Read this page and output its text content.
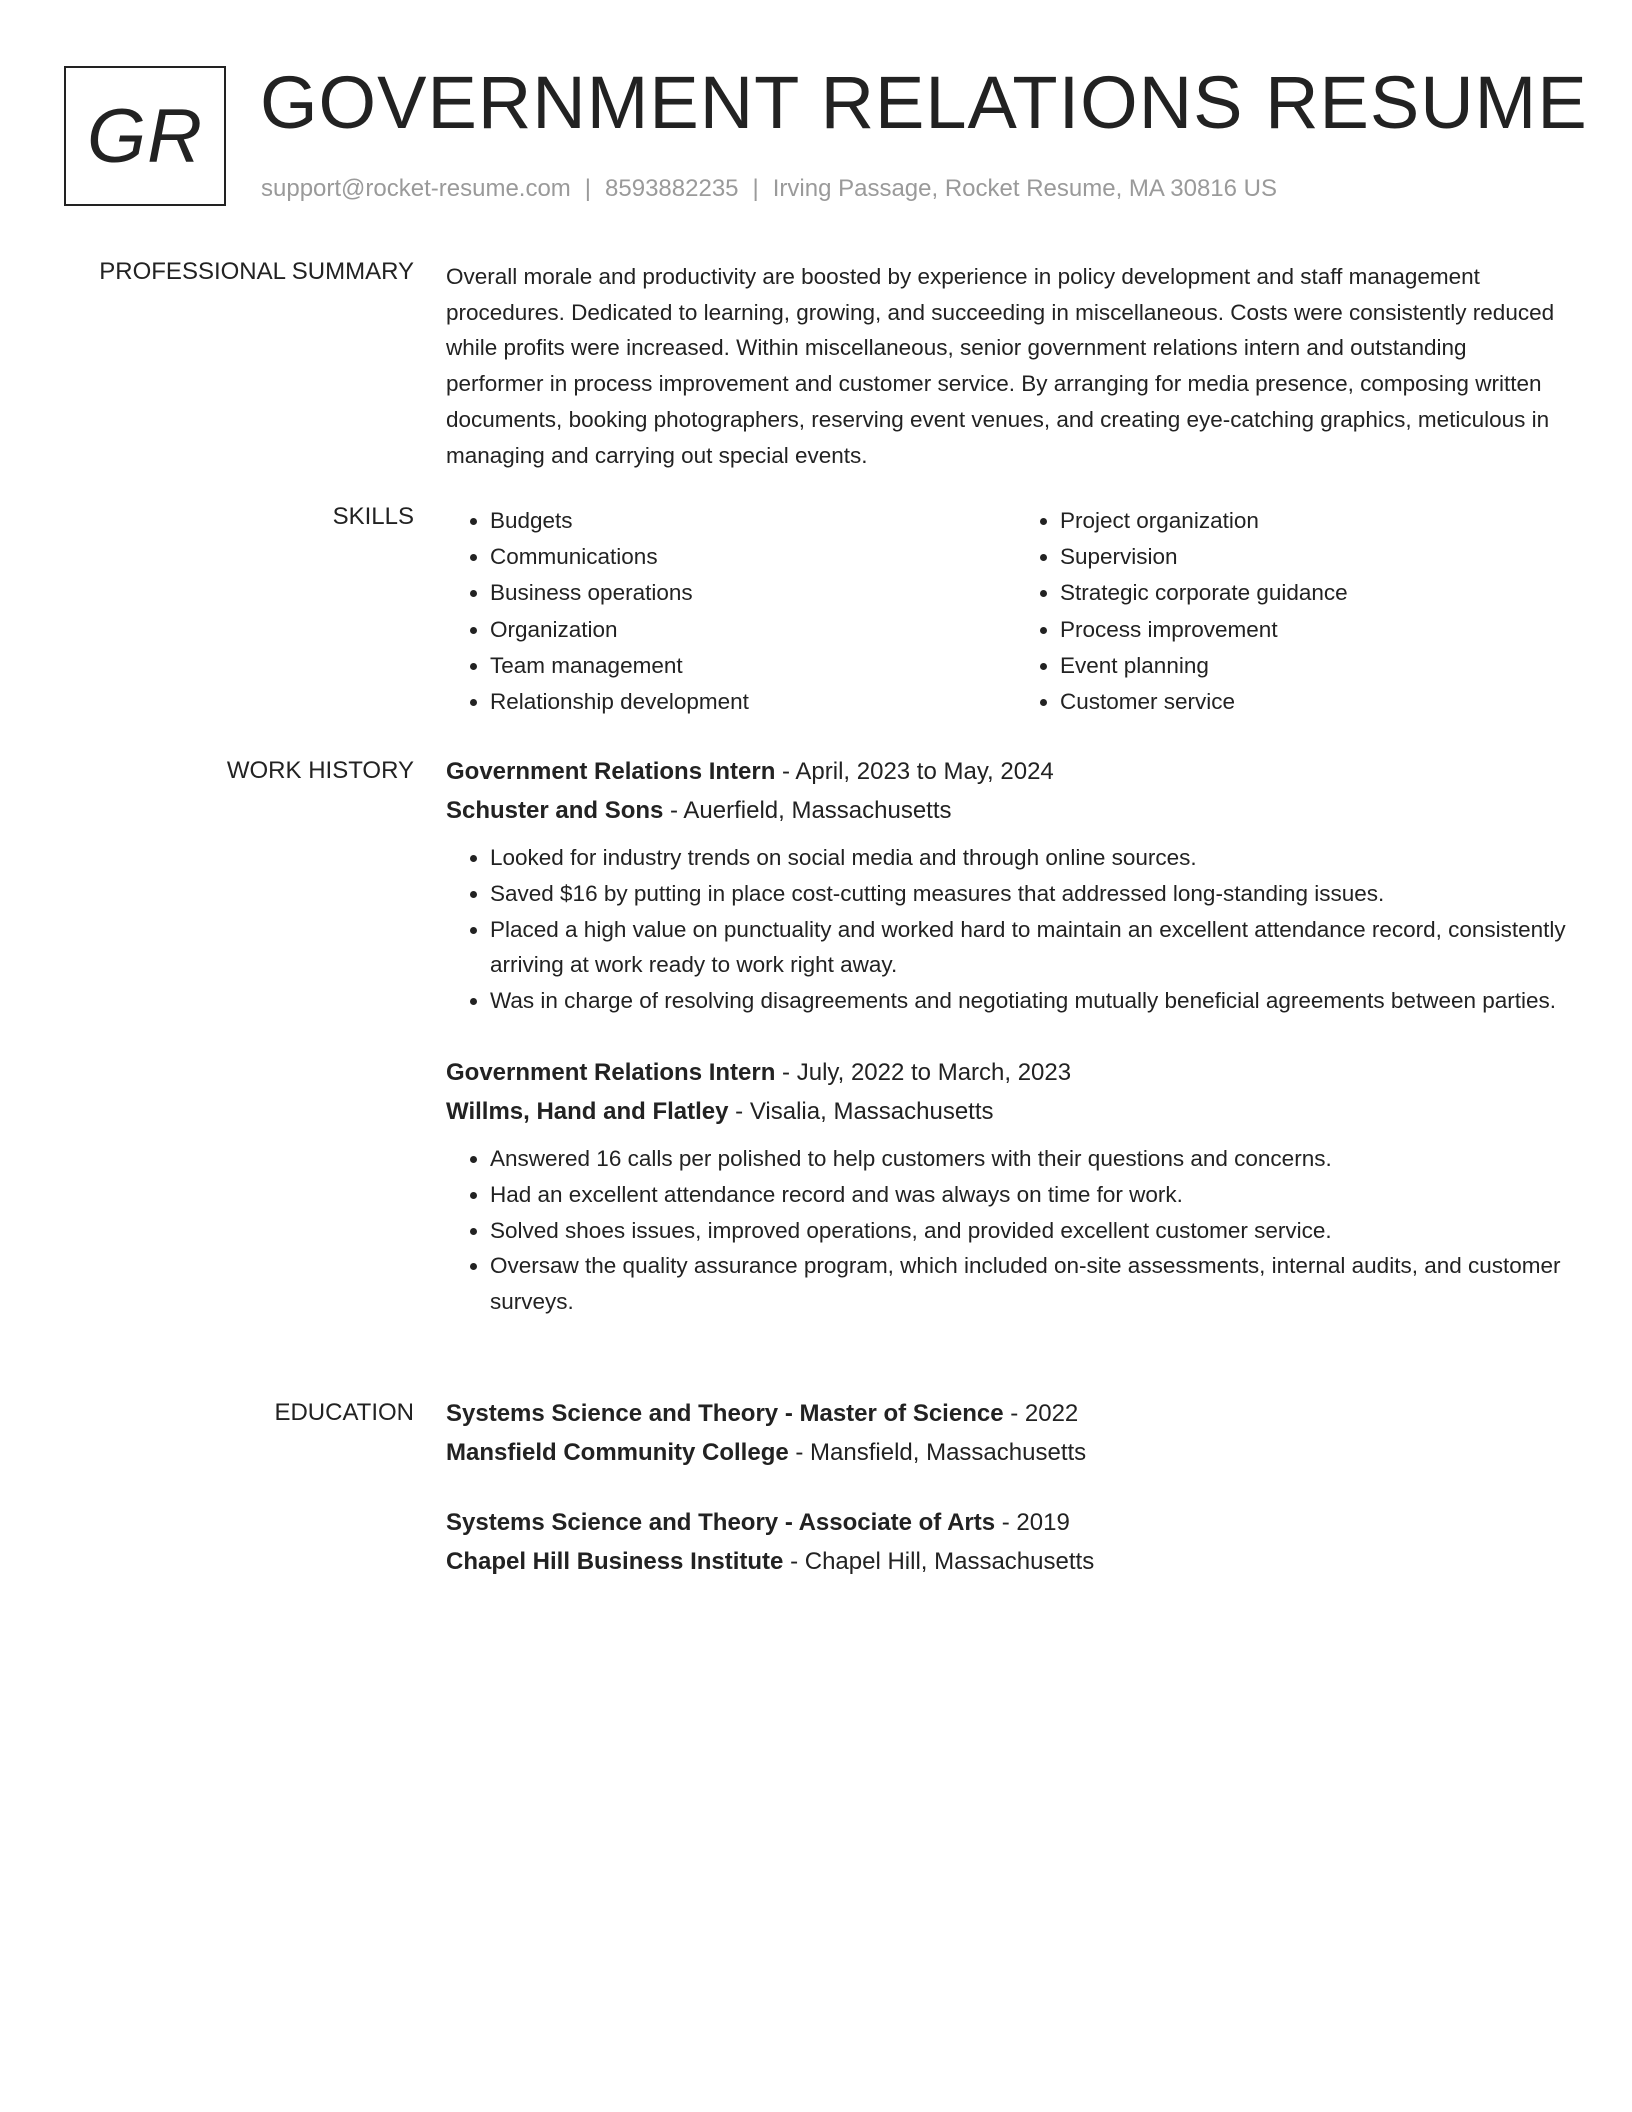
GR GOVERNMENT RELATIONS RESUME
support@rocket-resume.com | 8593882235 | Irving Passage, Rocket Resume, MA 30816 US
PROFESSIONAL SUMMARY Overall morale and productivity are boosted by experience in policy development and staff management procedures. Dedicated to learning, growing, and succeeding in miscellaneous. Costs were consistently reduced while profits were increased. Within miscellaneous, senior government relations intern and outstanding performer in process improvement and customer service. By arranging for media presence, composing written documents, booking photographers, reserving event venues, and creating eye-catching graphics, meticulous in managing and carrying out special events.

SKILLS
•	Budgets
• Communications
• Business operations
• Organization
• Team management
• Relationship development
• Project organization
• Supervision
• Strategic corporate guidance
• Process improvement
• Event planning
• Customer service
WORK HISTORY Government Relations Intern - April, 2023 to May, 2024
Schuster and Sons - Auerfield, Massachusetts
• Looked for industry trends on social media and through online sources.
• Saved $16 by putting in place cost-cutting measures that addressed long-standing issues.
• Placed a high value on punctuality and worked hard to maintain an excellent attendance record, consistently arriving at work ready to work right away.
• Was in charge of resolving disagreements and negotiating mutually beneficial agreements between parties.
Government Relations Intern - July, 2022 to March, 2023
Willms, Hand and Flatley - Visalia, Massachusetts
• Answered 16 calls per polished to help customers with their questions and concerns.
• Had an excellent attendance record and was always on time for work.
• Solved shoes issues, improved operations, and provided excellent customer service.
• Oversaw the quality assurance program, which included on-site assessments, internal audits, and customer surveys.
EDUCATION Systems Science and Theory - Master of Science - 2022
Mansfield Community College - Mansfield, Massachusetts
Systems Science and Theory - Associate of Arts - 2019
Chapel Hill Business Institute - Chapel Hill, Massachusetts
